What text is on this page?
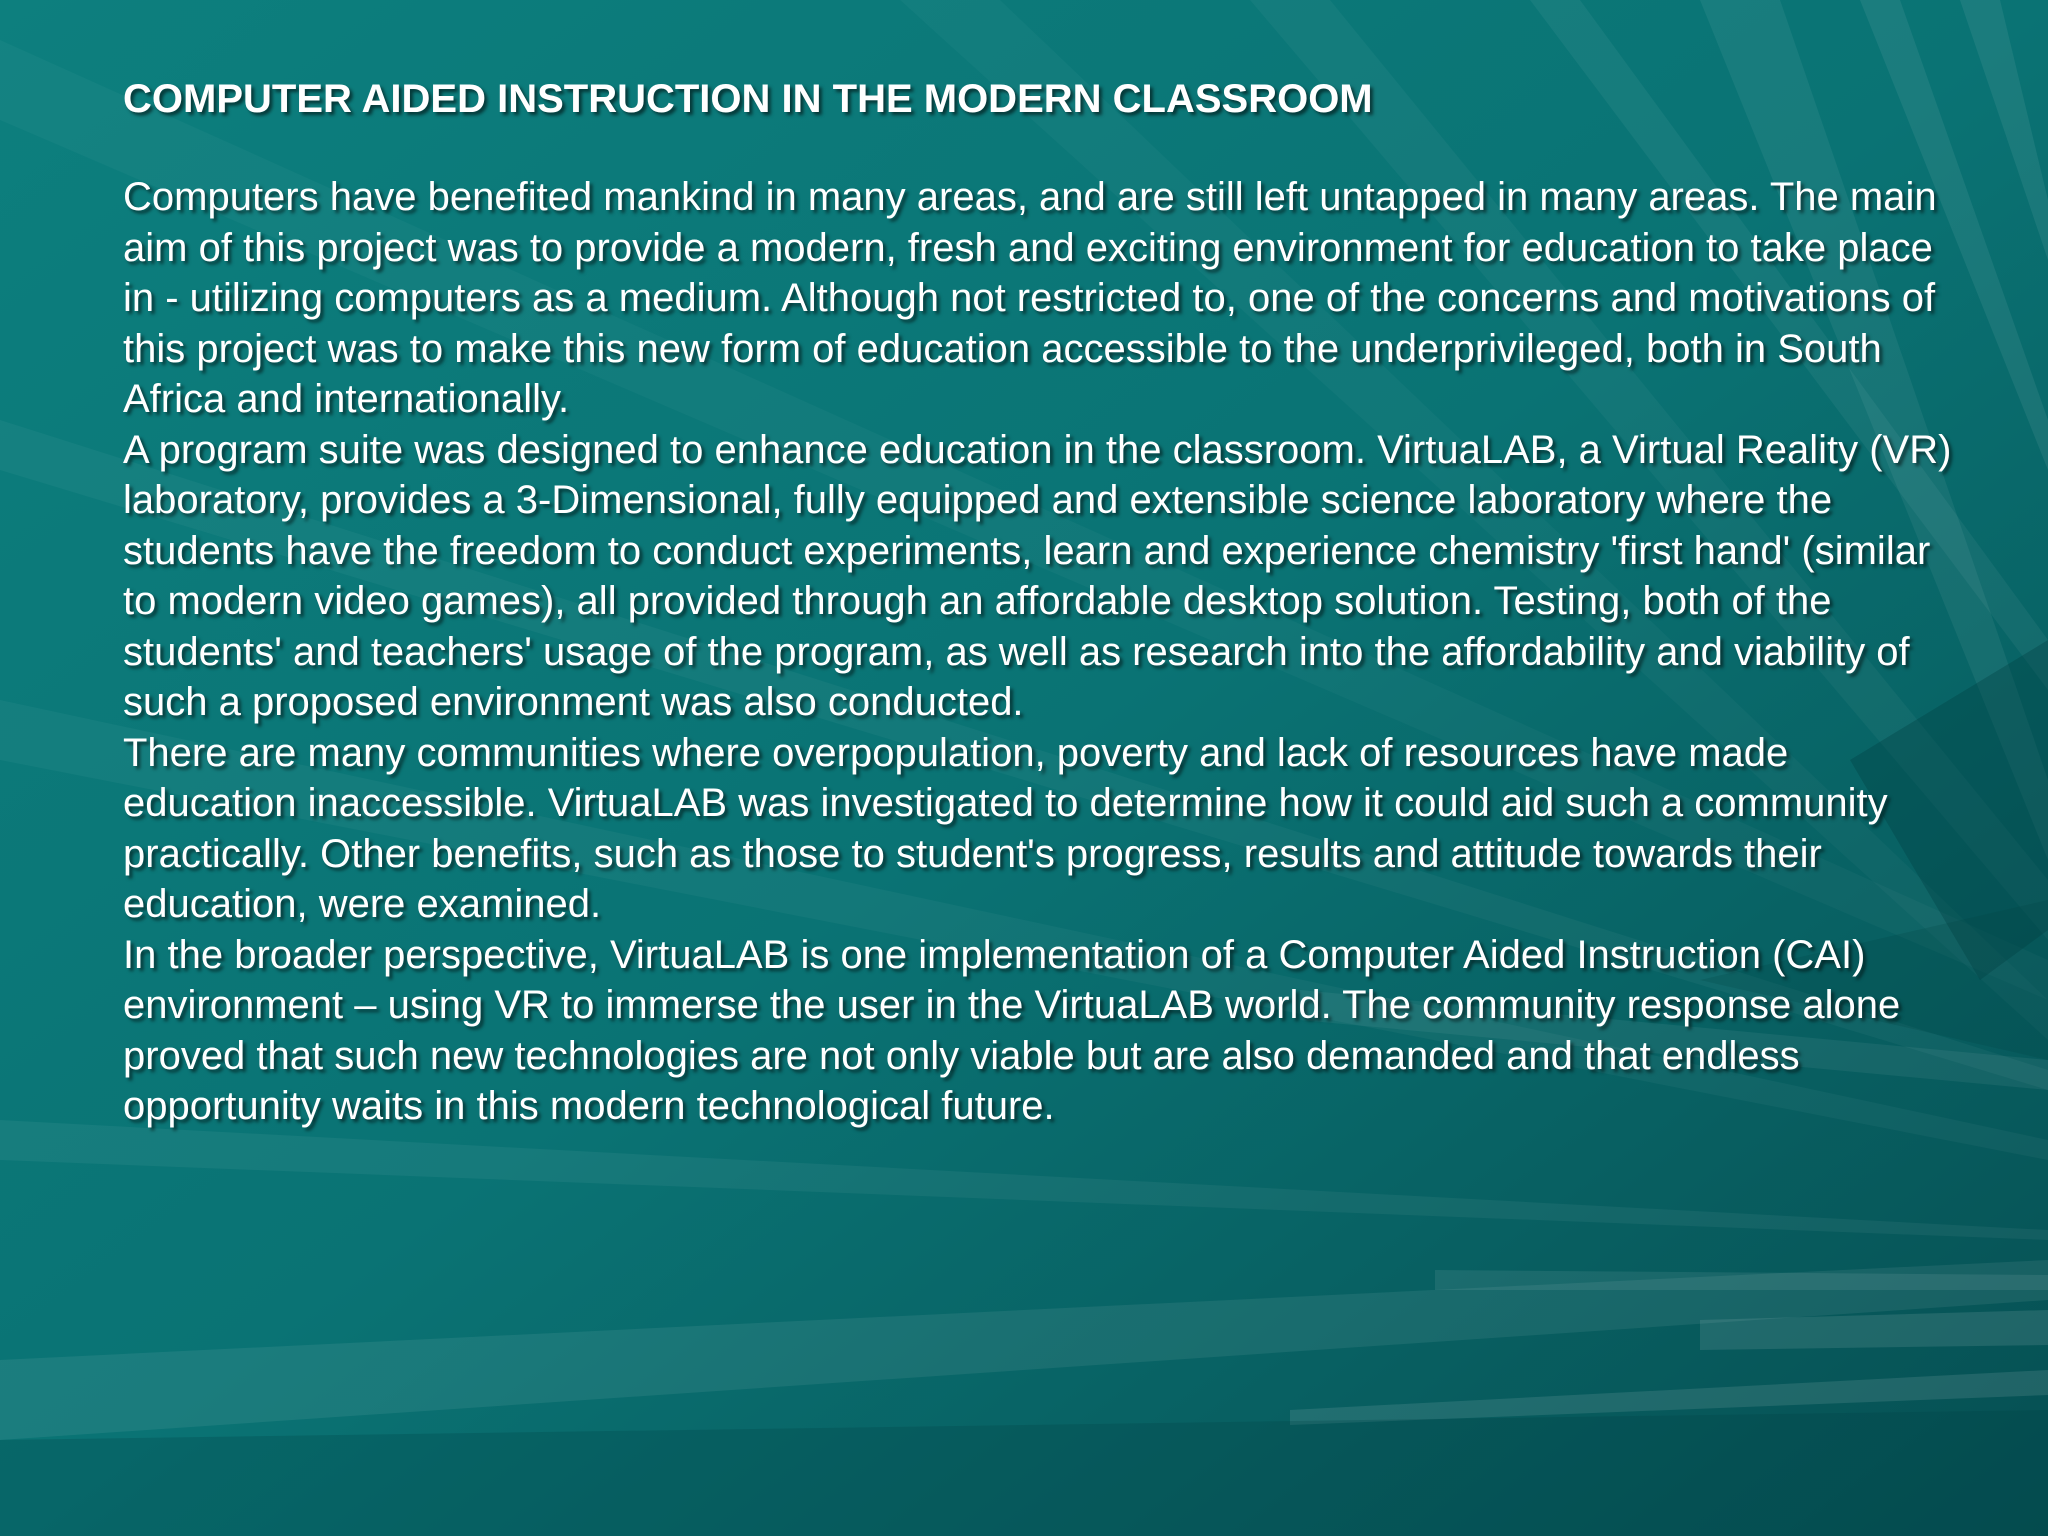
COMPUTER AIDED INSTRUCTION IN THE MODERN CLASSROOM

Computers have benefited mankind in many areas, and are still left untapped in many areas. The main aim of this project was to provide a modern, fresh and exciting environment for education to take place in - utilizing computers as a medium. Although not restricted to, one of the concerns and motivations of this project was to make this new form of education accessible to the underprivileged, both in South Africa and internationally.

A program suite was designed to enhance education in the classroom. VirtuaLAB, a Virtual Reality (VR) laboratory, provides a 3-Dimensional, fully equipped and extensible science laboratory where the students have the freedom to conduct experiments, learn and experience chemistry 'first hand' (similar to modern video games), all provided through an affordable desktop solution. Testing, both of the students' and teachers' usage of the program, as well as research into the affordability and viability of such a proposed environment was also conducted.

There are many communities where overpopulation, poverty and lack of resources have made education inaccessible. VirtuaLAB was investigated to determine how it could aid such a community practically. Other benefits, such as those to student's progress, results and attitude towards their education, were examined.

In the broader perspective, VirtuaLAB is one implementation of a Computer Aided Instruction (CAI) environment – using VR to immerse the user in the VirtuaLAB world. The community response alone proved that such new technologies are not only viable but are also demanded and that endless opportunity waits in this modern technological future.
